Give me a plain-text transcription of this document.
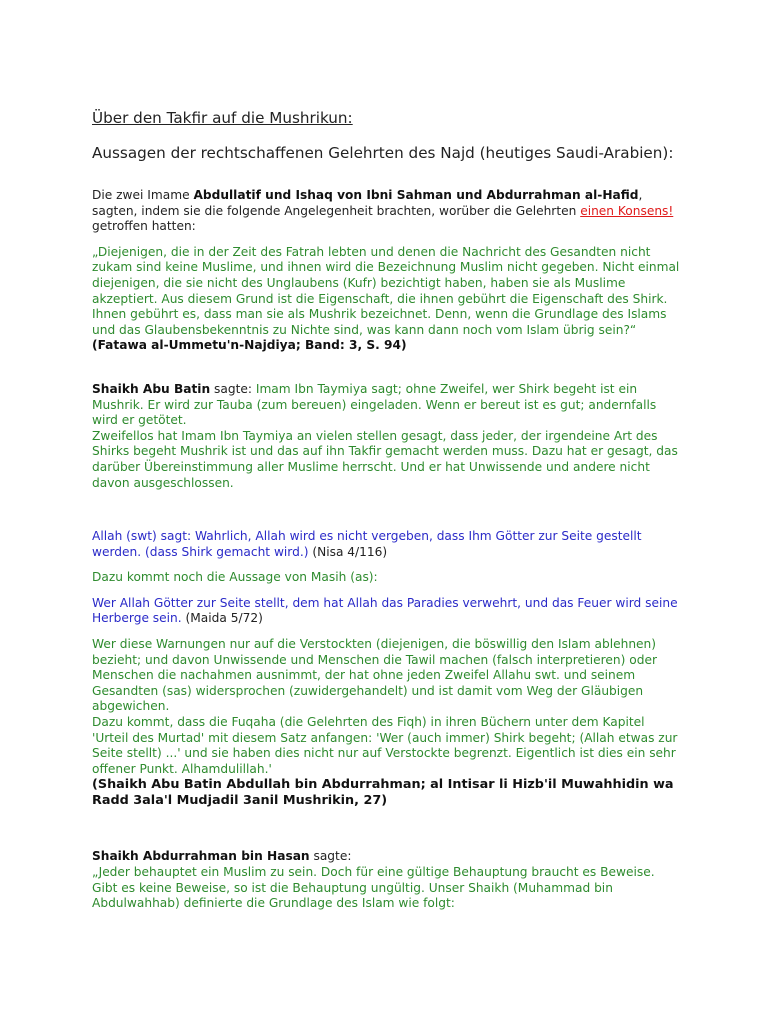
Über den Takfir auf die Mushrikun:
Aussagen der rechtschaffenen Gelehrten des Najd (heutiges Saudi-Arabien):

Die zwei Imame Abdullatif und Ishaq von Ibni Sahman und Abdurrahman al-Hafid, sagten, indem sie die folgende Angelegenheit brachten, worüber die Gelehrten einen Konsens! getroffen hatten:

„Diejenigen, die in der Zeit des Fatrah lebten und denen die Nachricht des Gesandten nicht zukam sind keine Muslime, und ihnen wird die Bezeichnung Muslim nicht gegeben. Nicht einmal diejenigen, die sie nicht des Unglaubens (Kufr) bezichtigt haben, haben sie als Muslime akzeptiert. Aus diesem Grund ist die Eigenschaft, die ihnen gebührt die Eigenschaft des Shirk. Ihnen gebührt es, dass man sie als Mushrik bezeichnet. Denn, wenn die Grundlage des Islams und das Glaubensbekenntnis zu Nichte sind, was kann dann noch vom Islam übrig sein?“ (Fatawa al-Ummetu'n-Najdiya; Band: 3, S. 94)

Shaikh Abu Batin sagte: Imam Ibn Taymiya sagt; ohne Zweifel, wer Shirk begeht ist ein Mushrik. Er wird zur Tauba (zum bereuen) eingeladen. Wenn er bereut ist es gut; andernfalls wird er getötet.
Zweifellos hat Imam Ibn Taymiya an vielen stellen gesagt, dass jeder, der irgendeine Art des Shirks begeht Mushrik ist und das auf ihn Takfir gemacht werden muss. Dazu hat er gesagt, das darüber Übereinstimmung aller Muslime herrscht. Und er hat Unwissende und andere nicht davon ausgeschlossen.

Allah (swt) sagt: Wahrlich, Allah wird es nicht vergeben, dass Ihm Götter zur Seite gestellt werden. (dass Shirk gemacht wird.) (Nisa 4/116)

Dazu kommt noch die Aussage von Masih (as):

Wer Allah Götter zur Seite stellt, dem hat Allah das Paradies verwehrt, und das Feuer wird seine Herberge sein. (Maida 5/72)

Wer diese Warnungen nur auf die Verstockten (diejenigen, die böswillig den Islam ablehnen) bezieht; und davon Unwissende und Menschen die Tawil machen (falsch interpretieren) oder Menschen die nachahmen ausnimmt, der hat ohne jeden Zweifel Allahu swt. und seinem Gesandten (sas) widersprochen (zuwidergehandelt) und ist damit vom Weg der Gläubigen abgewichen.
Dazu kommt, dass die Fuqaha (die Gelehrten des Fiqh) in ihren Büchern unter dem Kapitel 'Urteil des Murtad' mit diesem Satz anfangen: 'Wer (auch immer) Shirk begeht; (Allah etwas zur Seite stellt) ...' und sie haben dies nicht nur auf Verstockte begrenzt. Eigentlich ist dies ein sehr offener Punkt. Alhamdulillah.'

(Shaikh Abu Batin Abdullah bin Abdurrahman; al Intisar li Hizb'il Muwahhidin wa Radd 3ala'l Mudjadil 3anil Mushrikin, 27)

Shaikh Abdurrahman bin Hasan sagte:
„Jeder behauptet ein Muslim zu sein. Doch für eine gültige Behauptung braucht es Beweise. Gibt es keine Beweise, so ist die Behauptung ungültig. Unser Shaikh (Muhammad bin Abdulwahhab) definierte die Grundlage des Islam wie folgt:
